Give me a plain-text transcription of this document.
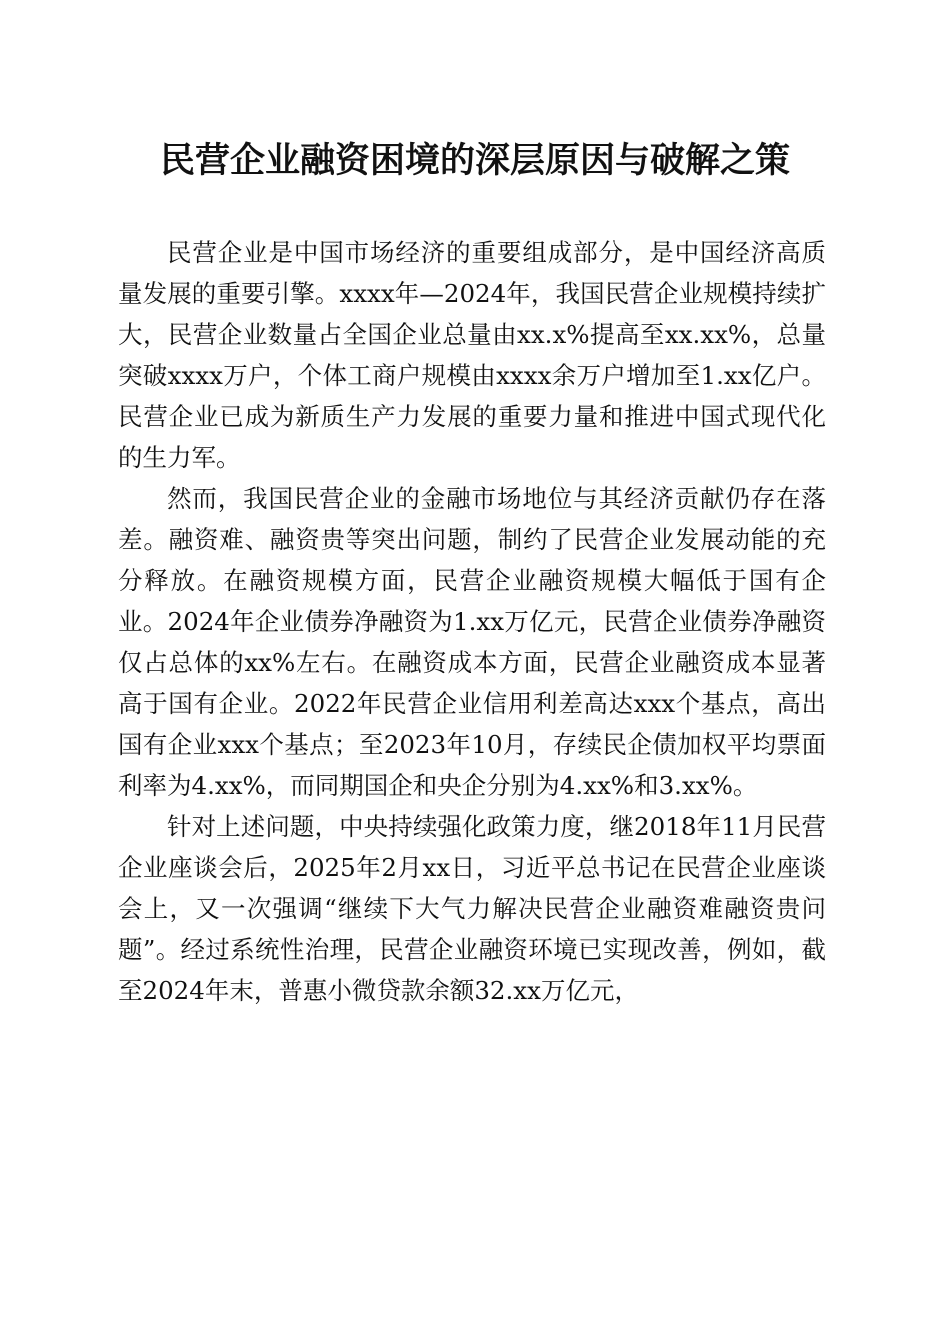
民营企业融资困境的深层原因与破解之策

民营企业是中国市场经济的重要组成部分，是中国经济高质量发展的重要引擎。xxxx年—2024年，我国民营企业规模持续扩大，民营企业数量占全国企业总量由xx.x%提高至xx.xx%，总量突破xxxx万户，个体工商户规模由xxxx余万户增加至1.xx亿户。民营企业已成为新质生产力发展的重要力量和推进中国式现代化的生力军。

然而，我国民营企业的金融市场地位与其经济贡献仍存在落差。融资难、融资贵等突出问题，制约了民营企业发展动能的充分释放。在融资规模方面，民营企业融资规模大幅低于国有企业。2024年企业债券净融资为1.xx万亿元，民营企业债券净融资仅占总体的xx%左右。在融资成本方面，民营企业融资成本显著高于国有企业。2022年民营企业信用利差高达xxx个基点，高出国有企业xxx个基点；至2023年10月，存续民企债加权平均票面利率为4.xx%，而同期国企和央企分别为4.xx%和3.xx%。

针对上述问题，中央持续强化政策力度，继2018年11月民营企业座谈会后，2025年2月xx日，习近平总书记在民营企业座谈会上，又一次强调“继续下大气力解决民营企业融资难融资贵问题”。经过系统性治理，民营企业融资环境已实现改善，例如，截至2024年末，普惠小微贷款余额32.xx万亿元，
